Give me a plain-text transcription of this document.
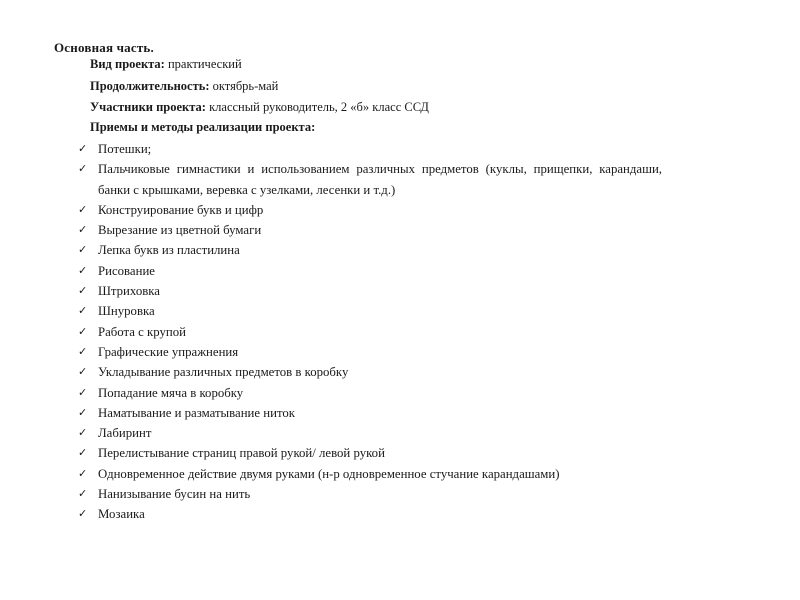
Основная часть.
Вид проекта: практический
Продолжительность: октябрь-май
Участники проекта: классный руководитель, 2 «б» класс ССД
Приемы и методы реализации проекта:
✓ Потешки;
✓ Пальчиковые гимнастики и использованием различных предметов (куклы, прищепки, карандаши, банки с крышками, веревка с узелками, лесенки и т.д.)
✓ Конструирование букв и цифр
✓ Вырезание из цветной бумаги
✓ Лепка букв из пластилина
✓ Рисование
✓ Штриховка
✓ Шнуровка
✓ Работа с крупой
✓ Графические упражнения
✓ Укладывание различных предметов в коробку
✓ Попадание мяча в коробку
✓ Наматывание и разматывание ниток
✓ Лабиринт
✓ Перелистывание страниц правой рукой/ левой рукой
✓ Одновременное действие двумя руками (н-р одновременное стучание карандашами)
✓ Нанизывание бусин на нить
✓ Мозаика
